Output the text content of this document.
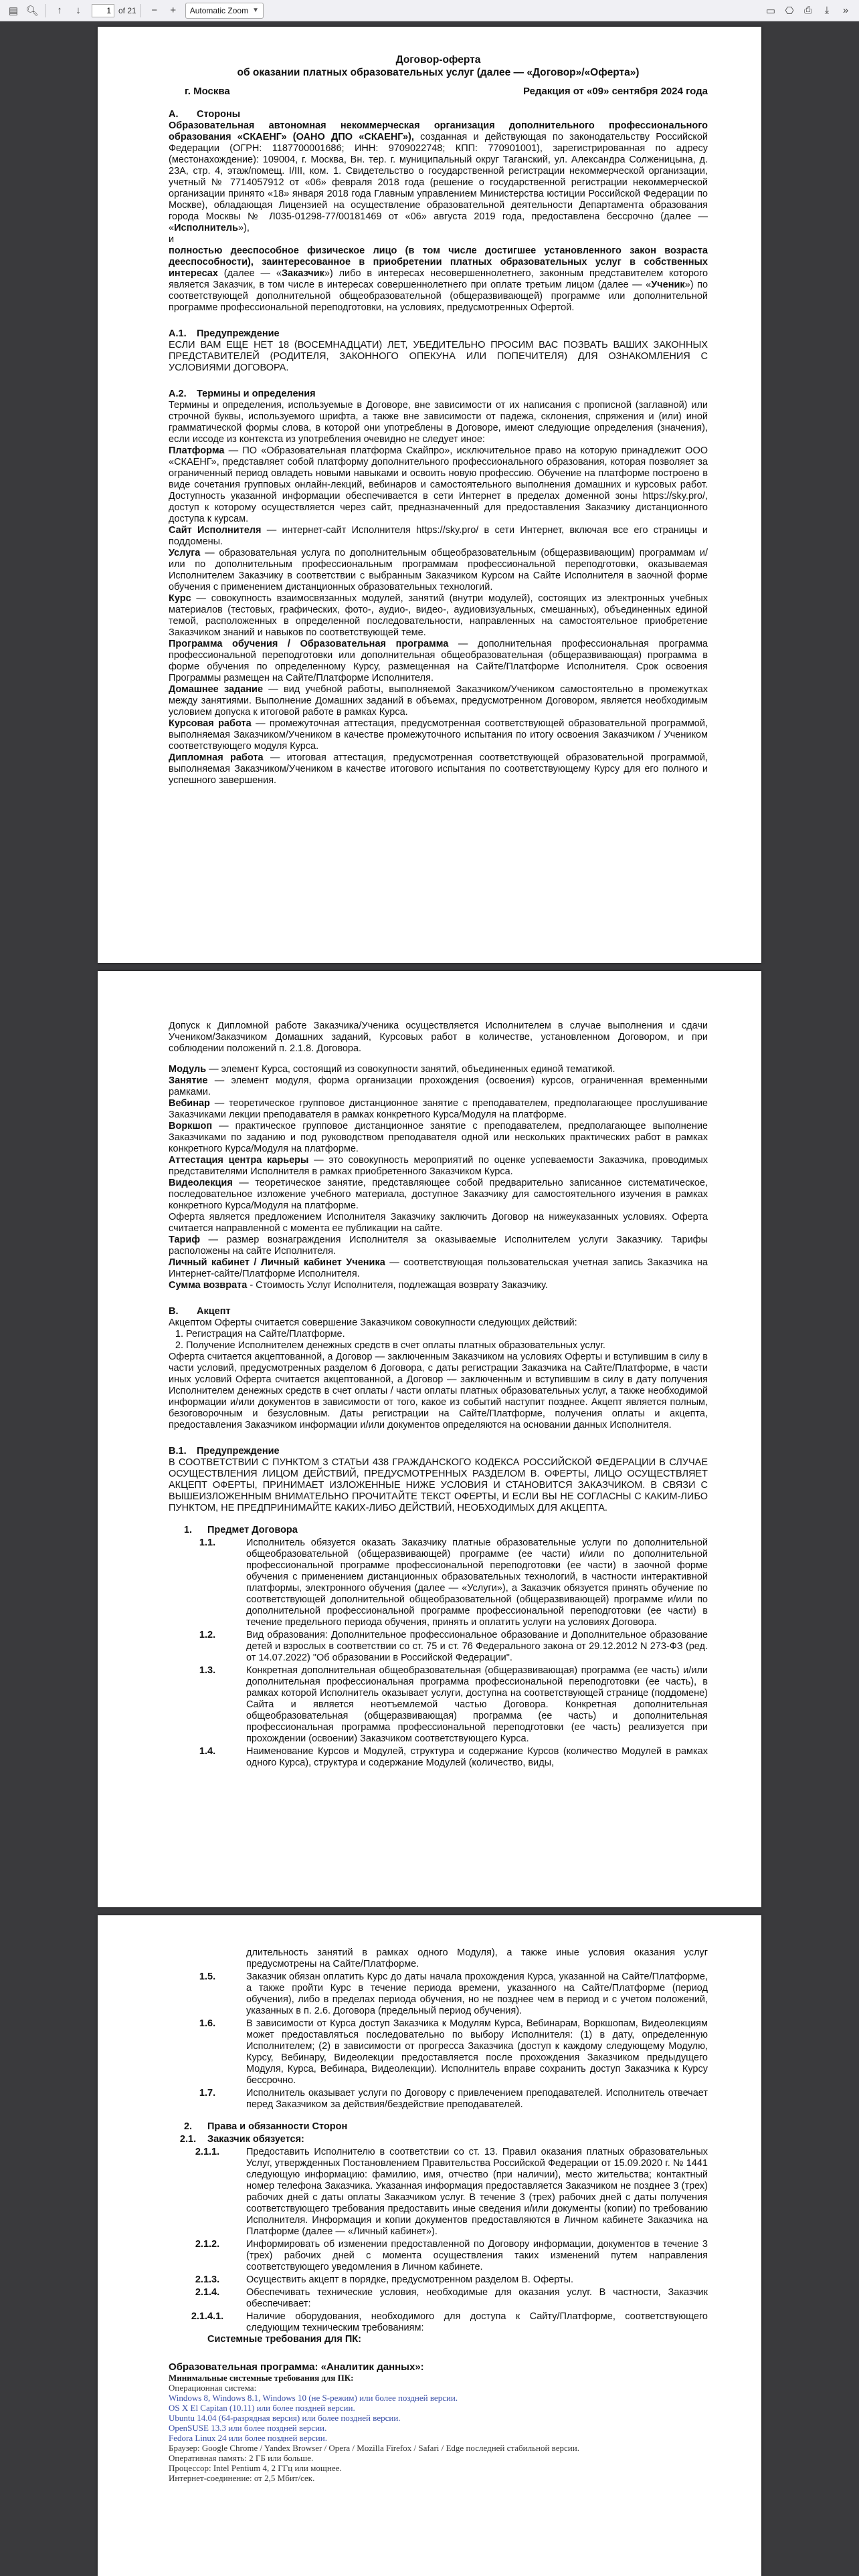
▤ 🔍︎ ↑ ↓
1	of 21 − + Automatic Zoom ▼	▭ ⎔ ⎙ ⤓ »
Договор-оферта
об оказании платных образовательных услуг (далее — «Договор»/«Оферта»)
г. Москва	Редакция от «09» сентября 2024 года
A. Стороны

Образовательная автономная некоммерческая организация дополнительного профессионального образования «СКАЕНГ» (ОАНО ДПО «СКАЕНГ»), созданная и действующая по законодательству Российской Федерации (ОГРН: 1187700001686; ИНН: 9709022748; КПП: 770901001), зарегистрированная по адресу (местонахождение): 109004, г. Москва, Вн. тер. г. муниципальный округ Таганский, ул. Александра Солженицына, д. 23А, стр. 4, этаж/помещ. I/III, ком. 1. Свидетельство о государственной регистрации некоммерческой организации, учетный № 7714057912 от «06» февраля 2018 года (решение о государственной регистрации некоммерческой организации принято «18» января 2018 года Главным управлением Министерства юстиции Российской Федерации по Москве), обладающая Лицензией на осуществление образовательной деятельности Департамента образования города Москвы № Л035-01298-77/00181469 от «06» августа 2019 года, предоставлена бессрочно (далее — «Исполнитель»),

и

полностью дееспособное физическое лицо (в том числе достигшее установленного закон возраста дееспособности), заинтересованное в приобретении платных образовательных услуг в собственных интересах (далее — «Заказчик») либо в интересах несовершеннолетнего, законным представителем которого является Заказчик, в том числе в интересах совершеннолетнего при оплате третьим лицом (далее — «Ученик») по соответствующей дополнительной общеобразовательной (общеразвивающей) программе или дополнительной программе профессиональной переподготовки, на условиях, предусмотренных Офертой.

A.1. Предупреждение

ЕСЛИ ВАМ ЕЩЕ НЕТ 18 (ВОСЕМНАДЦАТИ) ЛЕТ, УБЕДИТЕЛЬНО ПРОСИМ ВАС ПОЗВАТЬ ВАШИХ ЗАКОННЫХ ПРЕДСТАВИТЕЛЕЙ (РОДИТЕЛЯ, ЗАКОННОГО ОПЕКУНА ИЛИ ПОПЕЧИТЕЛЯ) ДЛЯ ОЗНАКОМЛЕНИЯ С УСЛОВИЯМИ ДОГОВОРА.

A.2. Термины и определения

Термины и определения, используемые в Договоре, вне зависимости от их написания с прописной (заглавной) или строчной буквы, используемого шрифта, а также вне зависимости от падежа, склонения, спряжения и (или) иной грамматической формы слова, в которой они употреблены в Договоре, имеют следующие определения (значения), если иссоде из контекста из употребления очевидно не следует иное:

Платформа — ПО «Образовательная платформа Скайпро», исключительное право на которую принадлежит ООО «СКАЕНГ», представляет собой платформу дополнительного профессионального образования, которая позволяет за ограниченный период овладеть новыми навыками и освоить новую профессию. Обучение на платформе построено в виде сочетания групповых онлайн-лекций, вебинаров и самостоятельного выполнения домашних и курсовых работ. Доступность указанной информации обеспечивается в сети Интернет в пределах доменной зоны https://sky.pro/, доступ к которому осуществляется через сайт, предназначенный для предоставления Заказчику дистанционного доступа к курсам.

Сайт Исполнителя — интернет-сайт Исполнителя https://sky.pro/ в сети Интернет, включая все его страницы и поддомены.

Услуга — образовательная услуга по дополнительным общеобразовательным (общеразвивающим) программам и/или по дополнительным профессиональным программам профессиональной переподготовки, оказываемая Исполнителем Заказчику в соответствии с выбранным Заказчиком Курсом на Сайте Исполнителя в заочной форме обучения с применением дистанционных образовательных технологий.

Курс — совокупность взаимосвязанных модулей, занятий (внутри модулей), состоящих из электронных учебных материалов (тестовых, графических, фото-, аудио-, видео-, аудиовизуальных, смешанных), объединенных единой темой, расположенных в определенной последовательности, направленных на самостоятельное приобретение Заказчиком знаний и навыков по соответствующей теме.

Программа обучения / Образовательная программа — дополнительная профессиональная программа профессиональной переподготовки или дополнительная общеобразовательная (общеразвивающая) программа в форме обучения по определенному Курсу, размещенная на Сайте/Платформе Исполнителя. Срок освоения Программы размещен на Сайте/Платформе Исполнителя.

Домашнее задание — вид учебной работы, выполняемой Заказчиком/Учеником самостоятельно в промежутках между занятиями. Выполнение Домашних заданий в объемах, предусмотренном Договором, является необходимым условием допуска к итоговой работе в рамках Курса.

Курсовая работа — промежуточная аттестация, предусмотренная соответствующей образовательной программой, выполняемая Заказчиком/Учеником в качестве промежуточного испытания по итогу освоения Заказчиком / Учеником соответствующего модуля Курса.

Дипломная работа — итоговая аттестация, предусмотренная соответствующей образовательной программой, выполняемая Заказчиком/Учеником в качестве итогового испытания по соответствующему Курсу для его полного и успешного завершения.

Допуск к Дипломной работе Заказчика/Ученика осуществляется Исполнителем в случае выполнения и сдачи Учеником/Заказчиком Домашних заданий, Курсовых работ в количестве, установленном Договором, и при соблюдении положений п. 2.1.8. Договора.

Модуль — элемент Курса, состоящий из совокупности занятий, объединенных единой тематикой.

Занятие — элемент модуля, форма организации прохождения (освоения) курсов, ограниченная временными рамками.

Вебинар — теоретическое групповое дистанционное занятие с преподавателем, предполагающее прослушивание Заказчиками лекции преподавателя в рамках конкретного Курса/Модуля на платформе.

Воркшоп — практическое групповое дистанционное занятие с преподавателем, предполагающее выполнение Заказчиками по заданию и под руководством преподавателя одной или нескольких практических работ в рамках конкретного Курса/Модуля на платформе.

Аттестация центра карьеры — это совокупность мероприятий по оценке успеваемости Заказчика, проводимых представителями Исполнителя в рамках приобретенного Заказчиком Курса.

Видеолекция — теоретическое занятие, представляющее собой предварительно записанное систематическое, последовательное изложение учебного материала, доступное Заказчику для самостоятельного изучения в рамках конкретного Курса/Модуля на платформе.

Оферта является предложением Исполнителя Заказчику заключить Договор на нижеуказанных условиях. Оферта считается направленной с момента ее публикации на сайте.

Тариф — размер вознаграждения Исполнителя за оказываемые Исполнителем услуги Заказчику. Тарифы расположены на сайте Исполнителя.

Личный кабинет / Личный кабинет Ученика — соответствующая пользовательская учетная запись Заказчика на Интернет-сайте/Платформе Исполнителя.

Сумма возврата - Стоимость Услуг Исполнителя, подлежащая возврату Заказчику.

B. Акцепт

Акцептом Оферты считается совершение Заказчиком совокупности следующих действий:

1. Регистрация на Сайте/Платформе.
2. Получение Исполнителем денежных средств в счет оплаты платных образовательных услуг.

Оферта считается акцептованной, а Договор — заключенным Заказчиком на условиях Оферты и вступившим в силу в части условий, предусмотренных разделом 6 Договора, с даты регистрации Заказчика на Сайте/Платформе, в части иных условий Оферта считается акцептованной, а Договор — заключенным и вступившим в силу в дату получения Исполнителем денежных средств в счет оплаты / части оплаты платных образовательных услуг, а также необходимой информации и/или документов в зависимости от того, какое из событий наступит позднее. Акцепт является полным, безоговорочным и безусловным. Даты регистрации на Сайте/Платформе, получения оплаты и акцепта, предоставления Заказчиком информации и/или документов определяются на основании данных Исполнителя.

B.1. Предупреждение

В СООТВЕТСТВИИ С ПУНКТОМ 3 СТАТЬИ 438 ГРАЖДАНСКОГО КОДЕКСА РОССИЙСКОЙ ФЕДЕРАЦИИ В СЛУЧАЕ ОСУЩЕСТВЛЕНИЯ ЛИЦОМ ДЕЙСТВИЙ, ПРЕДУСМОТРЕННЫХ РАЗДЕЛОМ В. ОФЕРТЫ, ЛИЦО ОСУЩЕСТВЛЯЕТ АКЦЕПТ ОФЕРТЫ, ПРИНИМАЕТ ИЗЛОЖЕННЫЕ НИЖЕ УСЛОВИЯ И СТАНОВИТСЯ ЗАКАЗЧИКОМ. В СВЯЗИ С ВЫШЕИЗЛОЖЕННЫМ ВНИМАТЕЛЬНО ПРОЧИТАЙТЕ ТЕКСТ ОФЕРТЫ, И ЕСЛИ ВЫ НЕ СОГЛАСНЫ С КАКИМ-ЛИБО ПУНКТОМ, НЕ ПРЕДПРИНИМАЙТЕ КАКИХ-ЛИБО ДЕЙСТВИЙ, НЕОБХОДИМЫХ ДЛЯ АКЦЕПТА.

1.	Предмет Договора
1.1.	Исполнитель обязуется оказать Заказчику платные образовательные услуги по дополнительной общеобразовательной (общеразвивающей) программе (ее части) и/или по дополнительной профессиональной программе профессиональной переподготовки (ее части) в заочной форме обучения с применением дистанционных образовательных технологий, в частности интерактивной платформы, электронного обучения (далее — «Услуги»), а Заказчик обязуется принять обучение по соответствующей дополнительной общеобразовательной (общеразвивающей) программе и/или по дополнительной профессиональной программе профессиональной переподготовки (ее части) в течение предельного периода обучения, принять и оплатить услуги на условиях Договора.
1.2.	Вид образования: Дополнительное профессиональное образование и Дополнительное образование детей и взрослых в соответствии со ст. 75 и ст. 76 Федерального закона от 29.12.2012 N 273-ФЗ (ред. от 14.07.2022) "Об образовании в Российской Федерации".
1.3.	Конкретная дополнительная общеобразовательная (общеразвивающая) программа (ее часть) и/или дополнительная профессиональная программа профессиональной переподготовки (ее часть), в рамках которой Исполнитель оказывает услуги, доступна на соответствующей странице (поддомене) Сайта и является неотъемлемой частью Договора. Конкретная дополнительная общеобразовательная (общеразвивающая) программа (ее часть) и дополнительная профессиональная программа профессиональной переподготовки (ее часть) реализуется при прохождении (освоении) Заказчиком соответствующего Курса.
1.4.	Наименование Курсов и Модулей, структура и содержание Курсов (количество Модулей в рамках одного Курса), структура и содержание Модулей (количество, виды,

длительность занятий в рамках одного Модуля), а также иные условия оказания услуг предусмотрены на Сайте/Платформе.

1.5.	Заказчик обязан оплатить Курс до даты начала прохождения Курса, указанной на Сайте/Платформе, а также пройти Курс в течение периода времени, указанного на Сайте/Платформе (период обучения), либо в пределах периода обучения, но не позднее чем в период и с учетом положений, указанных в п. 2.6. Договора (предельный период обучения).
1.6.	В зависимости от Курса доступ Заказчика к Модулям Курса, Вебинарам, Воркшопам, Видеолекциям может предоставляться последовательно по выбору Исполнителя: (1) в дату, определенную Исполнителем; (2) в зависимости от прогресса Заказчика (доступ к каждому следующему Модулю, Курсу, Вебинару, Видеолекции предоставляется после прохождения Заказчиком предыдущего Модуля, Курса, Вебинара, Видеолекции). Исполнитель вправе сохранить доступ Заказчика к Курсу бессрочно.
1.7.	Исполнитель оказывает услуги по Договору с привлечением преподавателей. Исполнитель отвечает перед Заказчиком за действия/бездействие преподавателей.
2.	Права и обязанности Сторон
2.1.	Заказчик обязуется:
2.1.1.	Предоставить Исполнителю в соответствии со ст. 13. Правил оказания платных образовательных Услуг, утвержденных Постановлением Правительства Российской Федерации от 15.09.2020 г. № 1441 следующую информацию: фамилию, имя, отчество (при наличии), место жительства; контактный номер телефона Заказчика. Указанная информация предоставляется Заказчиком не позднее 3 (трех) рабочих дней с даты оплаты Заказчиком услуг. В течение 3 (трех) рабочих дней с даты получения соответствующего требования предоставить иные сведения и/или документы (копии) по требованию Исполнителя. Информация и копии документов предоставляются в Личном кабинете Заказчика на Платформе (далее — «Личный кабинет»).
2.1.2.	Информировать об изменении предоставленной по Договору информации, документов в течение 3 (трех) рабочих дней с момента осуществления таких изменений путем направления соответствующего уведомления в Личном кабинете.
2.1.3.	Осуществить акцепт в порядке, предусмотренном разделом В. Оферты.
2.1.4.	Обеспечивать технические условия, необходимые для оказания услуг. В частности, Заказчик обеспечивает:
2.1.4.1.	Наличие оборудования, необходимого для доступа к Сайту/Платформе, соответствующего следующим техническим требованиям:

Системные требования для ПК:

Образовательная программа: «Аналитик данных»:

Минимальные системные требования для ПК:

Операционная система:

Windows 8, Windows 8.1, Windows 10 (не S-режим) или более поздней версии.

OS X El Capitan (10.11) или более поздней версии.

Ubuntu 14.04 (64-разрядная версия) или более поздней версии.

OpenSUSE 13.3 или более поздней версии.

Fedora Linux 24 или более поздней версии.

Браузер: Google Chrome / Yandex Browser / Opera / Mozilla Firefox / Safari / Edge последней стабильной версии.

Оперативная память: 2 ГБ или больше.

Процессор: Intel Pentium 4, 2 ГГц или мощнее.

Интернет-соединение: от 2,5 Мбит/сек.
